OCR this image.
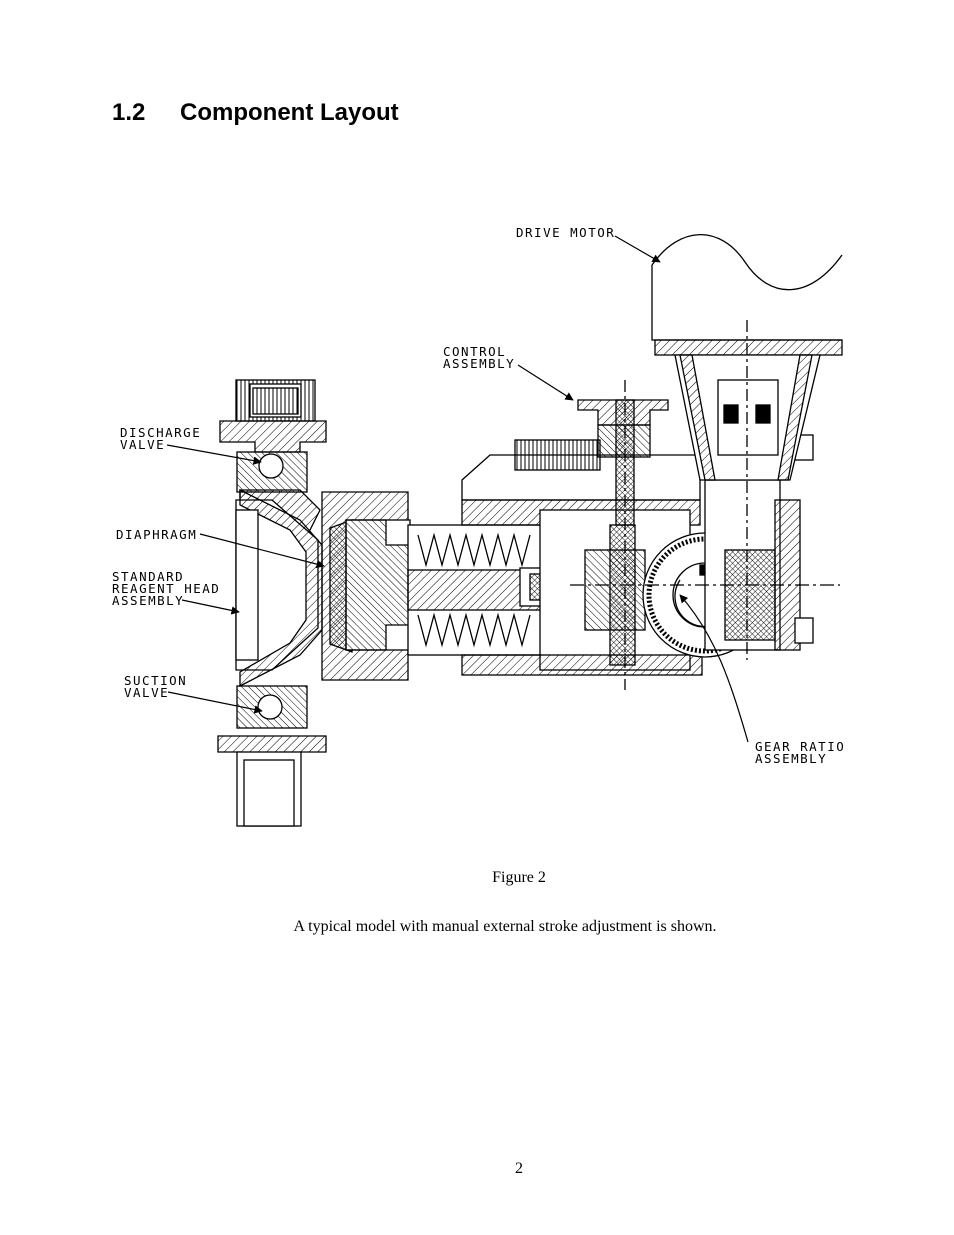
1.2 Component Layout
DRIVE MOTOR
CONTROL
ASSEMBLY
DISCHARGE
VALVE
DIAPHRAGM
STANDARD
REAGENT HEAD
ASSEMBLY
SUCTION
VALVE
GEAR RATIO
ASSEMBLY
Figure 2
A typical model with manual external stroke adjustment is shown.
2
